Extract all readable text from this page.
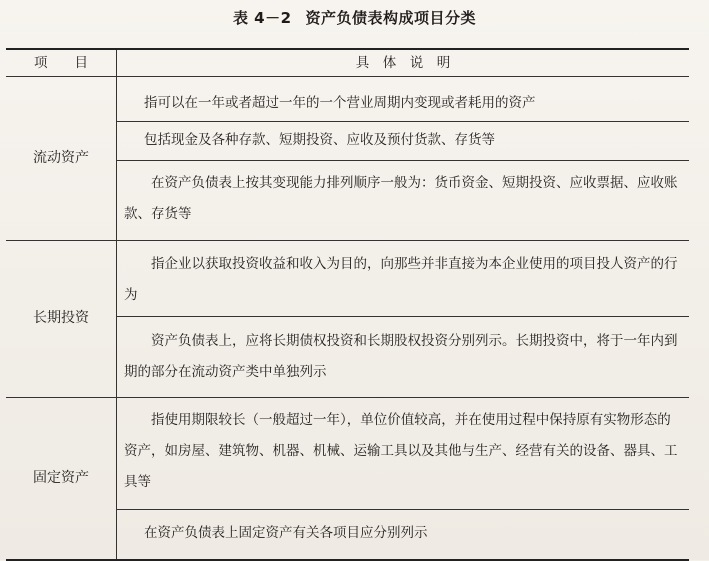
表 4－2 资产负债表构成项目分类
项　　目	具　体　说　明
流动资产
指可以在一年或者超过一年的一个营业周期内变现或者耗用的资产
包括现金及各种存款、短期投资、应收及预付货款、存货等
在资产负债表上按其变现能力排列顺序一般为：货币资金、短期投资、应收票据、应收账款、存货等
长期投资
指企业以获取投资收益和收入为目的，向那些并非直接为本企业使用的项目投人资产的行为
资产负债表上，应将长期债权投资和长期股权投资分别列示。长期投资中，将于一年内到期的部分在流动资产类中单独列示
固定资产
指使用期限较长（一般超过一年），单位价值较高，并在使用过程中保持原有实物形态的资产，如房屋、建筑物、机器、机械、运输工具以及其他与生产、经营有关的设备、器具、工具等
在资产负债表上固定资产有关各项目应分别列示
